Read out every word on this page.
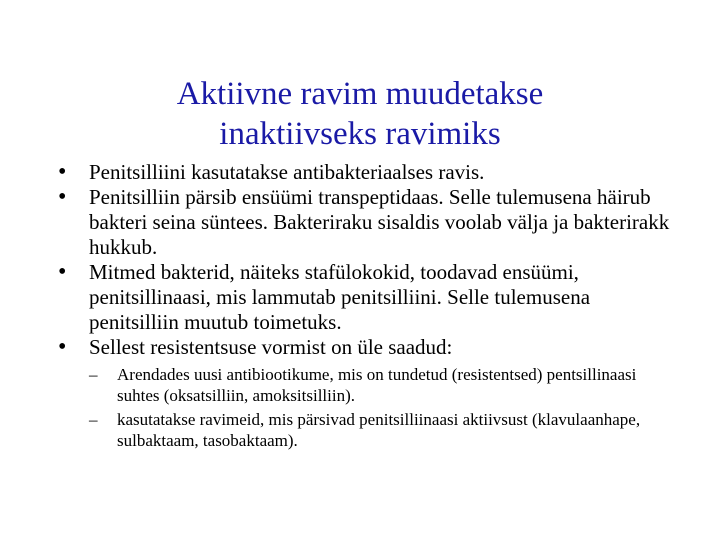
Aktiivne ravim muudetakse
inaktiivseks ravimiks
• Penitsilliini kasutatakse antibakteriaalses ravis.
• Penitsilliin pärsib ensüümi transpeptidaas. Selle tulemusena häirub bakteri seina süntees. Bakteriraku sisaldis voolab välja ja bakterirakk hukkub.
• Mitmed bakterid, näiteks stafülokokid, toodavad ensüümi, penitsillinaasi, mis lammutab penitsilliini. Selle tulemusena penitsilliin muutub toimetuks.
• Sellest resistentsuse vormist on üle saadud:
– Arendades uusi antibiootikume, mis on tundetud (resistentsed) pentsillinaasi suhtes (oksatsilliin, amoksitsilliin).
– kasutatakse ravimeid, mis pärsivad penitsilliinaasi aktiivsust (klavulaanhape, sulbaktaam, tasobaktaam).
